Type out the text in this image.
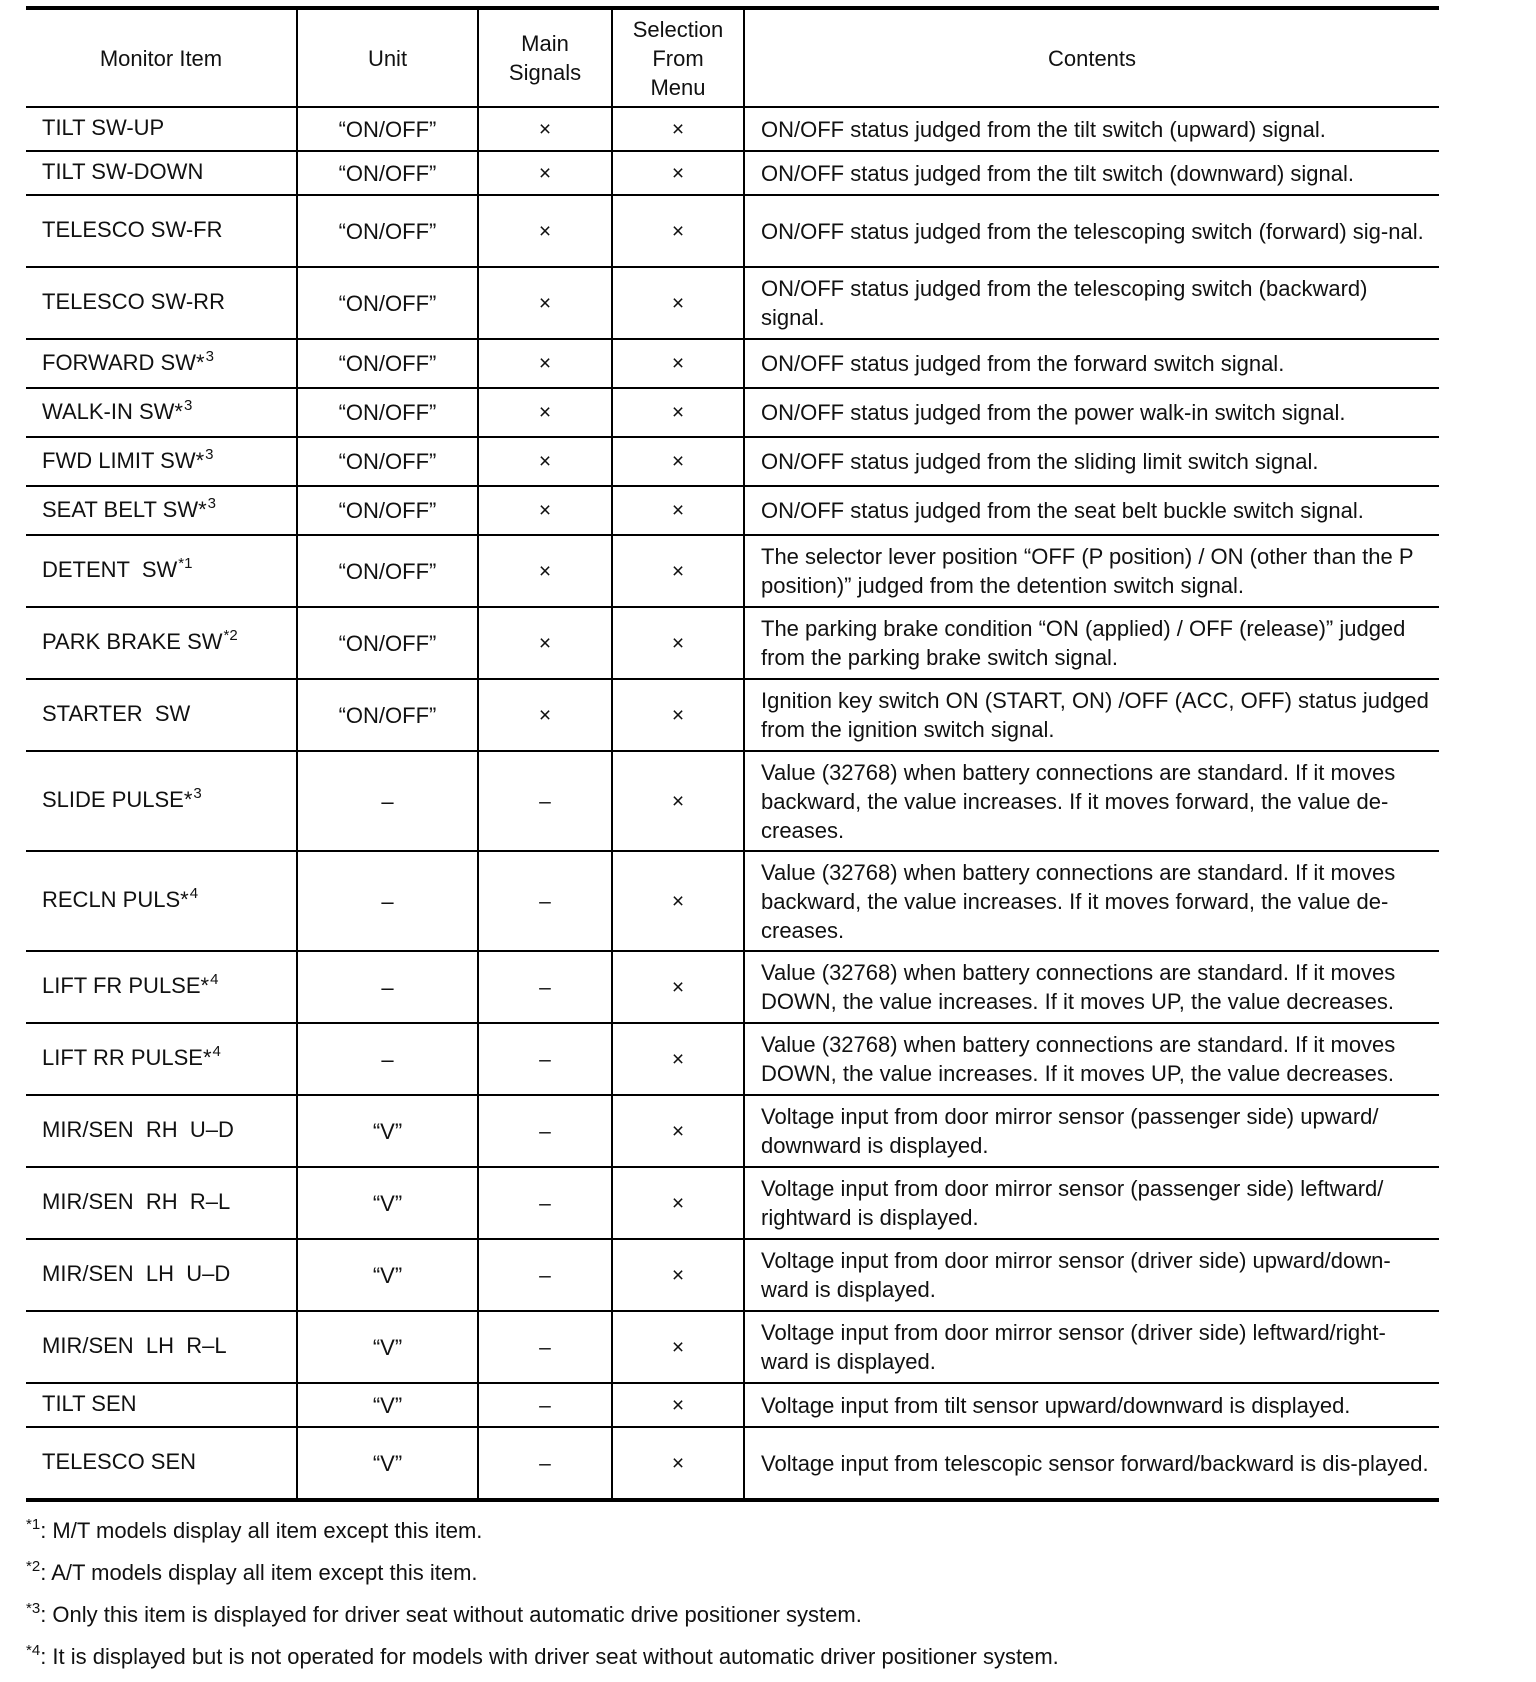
Monitor Item	Unit	Main Signals	Selection From Menu	Contents
TILT SW-UP	“ON/OFF”	×	×	ON/OFF status judged from the tilt switch (upward) signal.
TILT SW-DOWN	“ON/OFF”	×	×	ON/OFF status judged from the tilt switch (downward) signal.
TELESCO SW-FR	“ON/OFF”	×	×	ON/OFF status judged from the telescoping switch (forward) sig-nal.
TELESCO SW-RR	“ON/OFF”	×	×	ON/OFF status judged from the telescoping switch (backward) signal.
FORWARD SW*$^3$	“ON/OFF”	×	×	ON/OFF status judged from the forward switch signal.
WALK-IN SW*$^3$	“ON/OFF”	×	×	ON/OFF status judged from the power walk-in switch signal.
FWD LIMIT SW*$^3$	“ON/OFF”	×	×	ON/OFF status judged from the sliding limit switch signal.
SEAT BELT SW*$^3$	“ON/OFF”	×	×	ON/OFF status judged from the seat belt buckle switch signal.
DETENT  SW$^{*1}$	“ON/OFF”	×	×	The selector lever position “OFF (P position) / ON (other than the P position)” judged from the detention switch signal.
PARK BRAKE SW$^{*2}$	“ON/OFF”	×	×	The parking brake condition “ON (applied) / OFF (release)” judged from the parking brake switch signal.
STARTER  SW	“ON/OFF”	×	×	Ignition key switch ON (START, ON) /OFF (ACC, OFF) status judged from the ignition switch signal.
SLIDE PULSE*$^3$	–	–	×	Value (32768) when battery connections are standard. If it moves backward, the value increases. If it moves forward, the value de-creases.
RECLN PULS*$^4$	–	–	×	Value (32768) when battery connections are standard. If it moves backward, the value increases. If it moves forward, the value de-creases.
LIFT FR PULSE*$^4$	–	–	×	Value (32768) when battery connections are standard. If it moves DOWN, the value increases. If it moves UP, the value decreases.
LIFT RR PULSE*$^4$	–	–	×	Value (32768) when battery connections are standard. If it moves DOWN, the value increases. If it moves UP, the value decreases.
MIR/SEN  RH  U–D	“V”	–	×	Voltage input from door mirror sensor (passenger side) upward/ downward is displayed.
MIR/SEN  RH  R–L	“V”	–	×	Voltage input from door mirror sensor (passenger side) leftward/ rightward is displayed.
MIR/SEN  LH  U–D	“V”	–	×	Voltage input from door mirror sensor (driver side) upward/down-ward is displayed.
MIR/SEN  LH  R–L	“V”	–	×	Voltage input from door mirror sensor (driver side) leftward/right-ward is displayed.
TILT SEN	“V”	–	×	Voltage input from tilt sensor upward/downward is displayed.
TELESCO SEN	“V”	–	×	Voltage input from telescopic sensor forward/backward is dis-played.
$^{*1}$: M/T models display all item except this item.
$^{*2}$: A/T models display all item except this item.
$^{*3}$: Only this item is displayed for driver seat without automatic drive positioner system.
$^{*4}$: It is displayed but is not operated for models with driver seat without automatic driver positioner system.
